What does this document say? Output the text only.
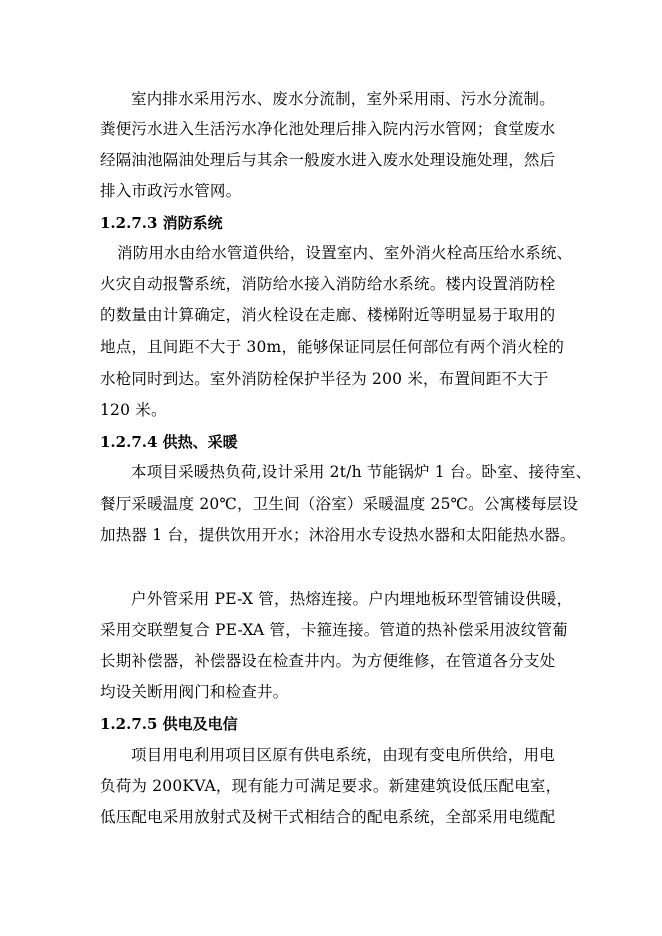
室内排水采用污水、废水分流制，室外采用雨、污水分流制。
粪便污水进入生活污水净化池处理后排入院内污水管网；食堂废水
经隔油池隔油处理后与其余一般废水进入废水处理设施处理，然后
排入市政污水管网。
1.2.7.3 消防系统
消防用水由给水管道供给，设置室内、室外消火栓高压给水系统、
火灾自动报警系统，消防给水接入消防给水系统。楼内设置消防栓
的数量由计算确定，消火栓设在走廊、楼梯附近等明显易于取用的
地点，且间距不大于 30m，能够保证同层任何部位有两个消火栓的
水枪同时到达。室外消防栓保护半径为 200 米，布置间距不大于
120 米。
1.2.7.4 供热、采暖
本项目采暖热负荷,设计采用 2t/h 节能锅炉 1 台。卧室、接待室、
餐厅采暖温度 20℃，卫生间（浴室）采暖温度 25℃。公寓楼每层设
加热器 1 台，提供饮用开水；沐浴用水专设热水器和太阳能热水器。
户外管采用 PE-X 管，热熔连接。户内埋地板环型管铺设供暖，
采用交联塑复合 PE-XA 管，卡箍连接。管道的热补偿采用波纹管葡
长期补偿器，补偿器设在检查井内。为方便维修，在管道各分支处
均设关断用阀门和检查井。
1.2.7.5 供电及电信
项目用电利用项目区原有供电系统，由现有变电所供给，用电
负荷为 200KVA，现有能力可满足要求。新建建筑设低压配电室，
低压配电采用放射式及树干式相结合的配电系统，全部采用电缆配
